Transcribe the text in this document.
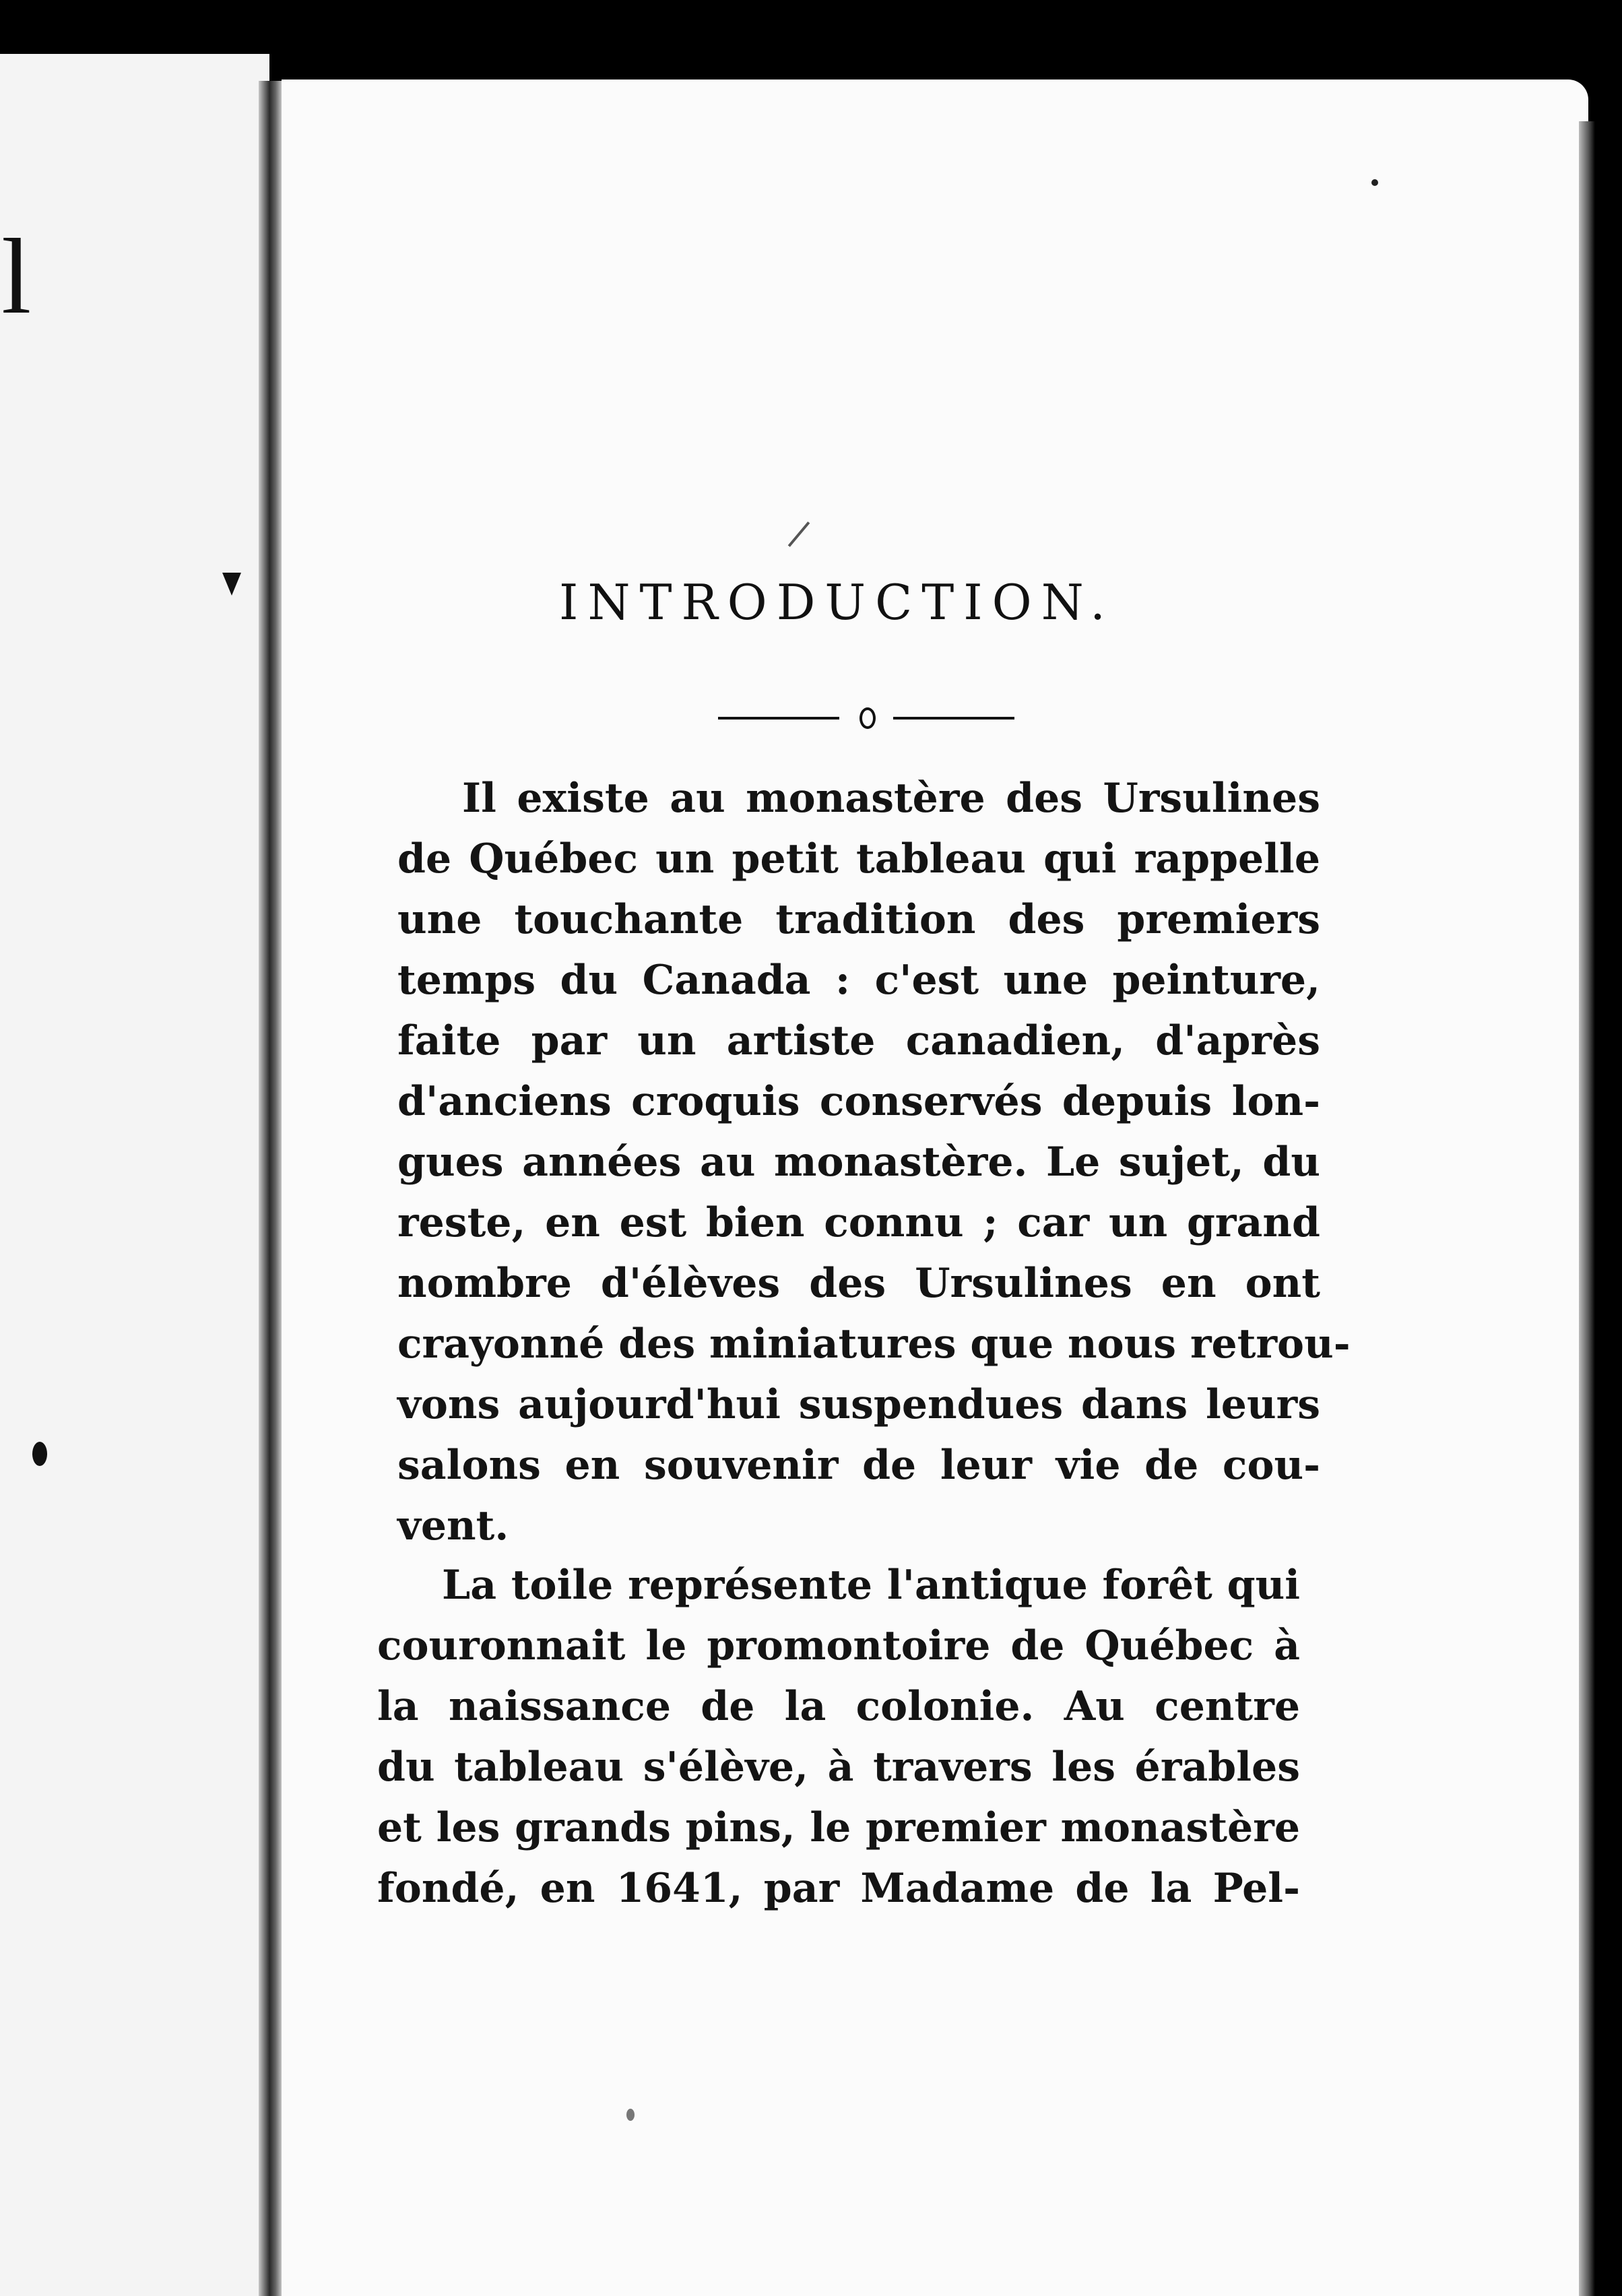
l
INTRODUCTION.
Il existe au monastère des Ursulines
de Québec un petit tableau qui rappelle
une touchante tradition des premiers
temps du Canada : c'est une peinture,
faite par un artiste canadien, d'après
d'anciens croquis conservés depuis lon-
gues années au monastère. Le sujet, du
reste, en est bien connu ; car un grand
nombre d'élèves des Ursulines en ont
crayonné des miniatures que nous retrou-
vons aujourd'hui suspendues dans leurs
salons en souvenir de leur vie de cou-
vent.
La toile représente l'antique forêt qui
couronnait le promontoire de Québec à
la naissance de la colonie. Au centre
du tableau s'élève, à travers les érables
et les grands pins, le premier monastère
fondé, en 1641, par Madame de la Pel-
